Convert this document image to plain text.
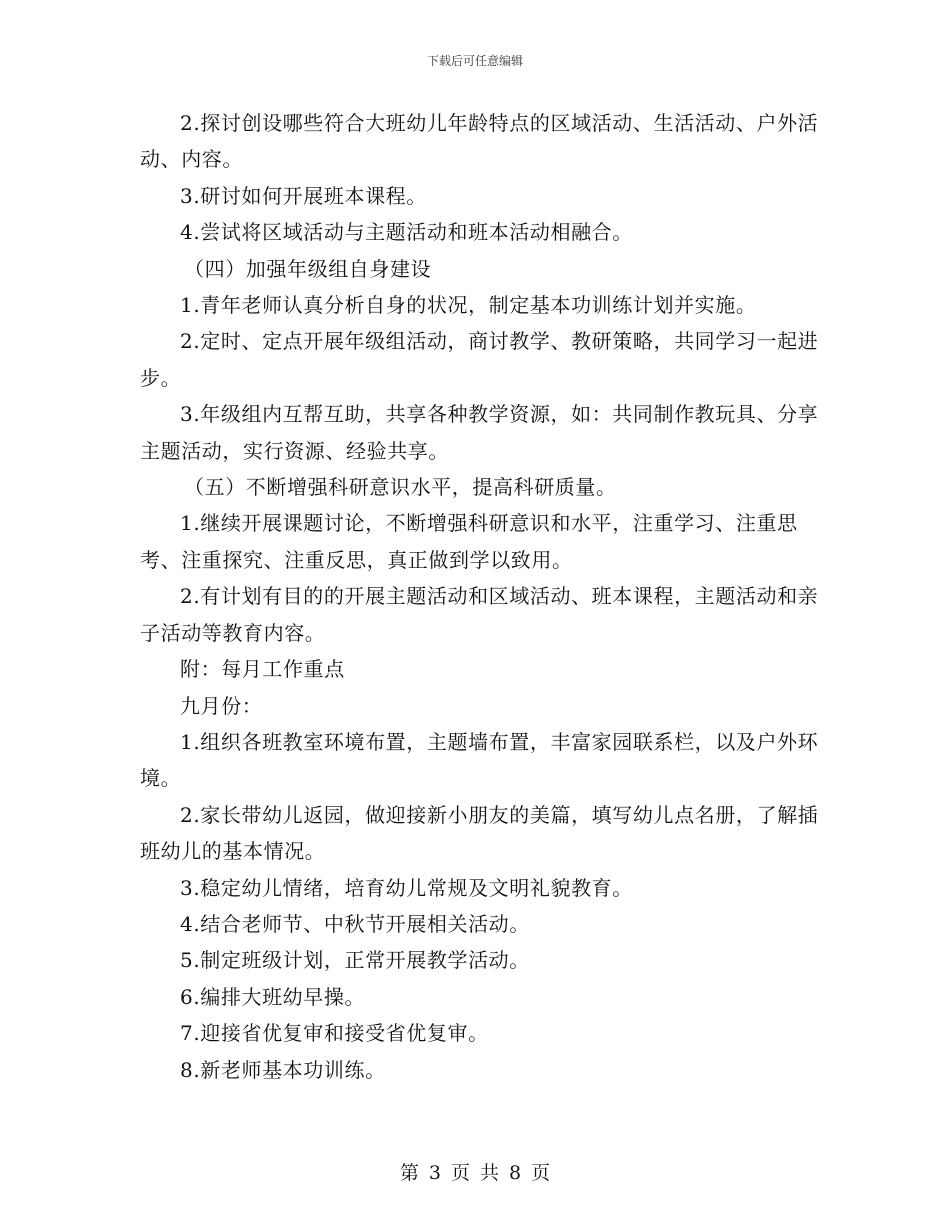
下载后可任意编辑

2.探讨创设哪些符合大班幼儿年龄特点的区域活动、生活活动、户外活动、内容。

3.研讨如何开展班本课程。

4.尝试将区域活动与主题活动和班本活动相融合。

（四）加强年级组自身建设

1.青年老师认真分析自身的状况，制定基本功训练计划并实施。

2.定时、定点开展年级组活动，商讨教学、教研策略，共同学习一起进步。

3.年级组内互帮互助，共享各种教学资源，如：共同制作教玩具、分享主题活动，实行资源、经验共享。

（五）不断增强科研意识水平，提高科研质量。

1.继续开展课题讨论，不断增强科研意识和水平，注重学习、注重思考、注重探究、注重反思，真正做到学以致用。

2.有计划有目的的开展主题活动和区域活动、班本课程，主题活动和亲子活动等教育内容。

附：每月工作重点

九月份：

1.组织各班教室环境布置，主题墙布置，丰富家园联系栏，以及户外环境。

2.家长带幼儿返园，做迎接新小朋友的美篇，填写幼儿点名册，了解插班幼儿的基本情况。

3.稳定幼儿情绪，培育幼儿常规及文明礼貌教育。

4.结合老师节、中秋节开展相关活动。

5.制定班级计划，正常开展教学活动。

6.编排大班幼早操。

7.迎接省优复审和接受省优复审。

8.新老师基本功训练。

第 3 页 共 8 页
